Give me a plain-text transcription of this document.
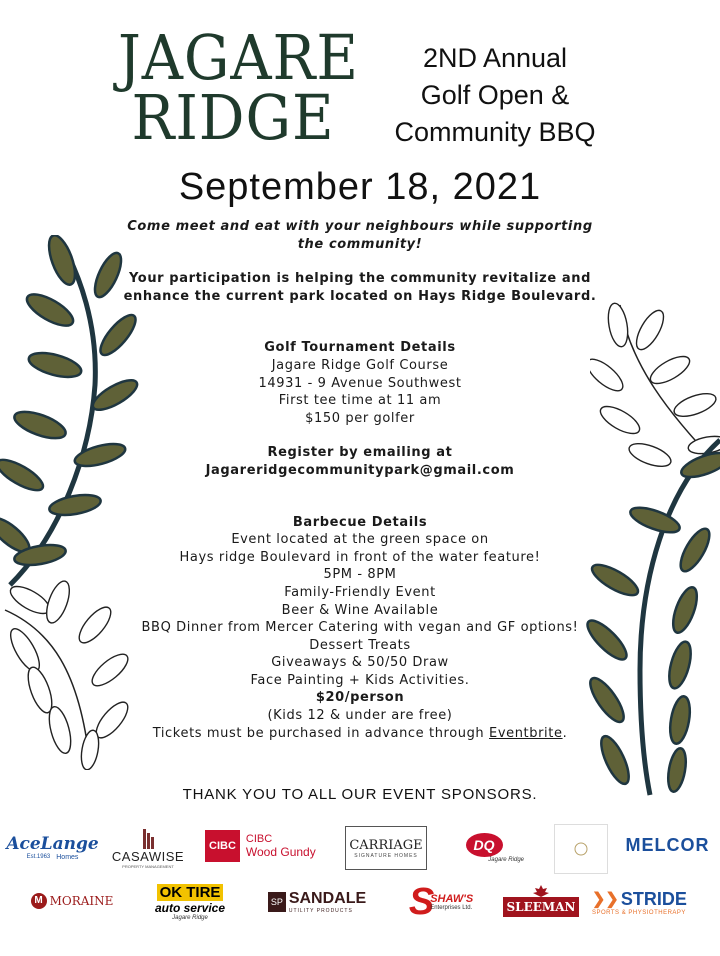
JAGARE
RIDGE
2ND Annual
Golf Open &
Community BBQ
September 18, 2021

Come meet and eat with your neighbours while supporting the community!

Your participation is helping the community revitalize and enhance the current park located on Hays Ridge Boulevard.

Golf Tournament Details

Jagare Ridge Golf Course

14931 - 9 Avenue Southwest

First tee time at 11 am

$150 per golfer

Register by emailing at

Jagareridgecommunitypark@gmail.com

Barbecue Details

Event located at the green space on

Hays ridge Boulevard in front of the water feature!

5PM - 8PM

Family-Friendly Event

Beer & Wine Available

BBQ Dinner from Mercer Catering with vegan and GF options!

Dessert Treats

Giveaways & 50/50 Draw

Face Painting + Kids Activities.

$20/person

(Kids 12 & under are free)

Tickets must be purchased in advance through Eventbrite.

THANK YOU TO ALL OUR EVENT SPONSORS.
AceLange
Est.1963 Homes	CASAWISE
PROPERTY MANAGEMENT
CIBC
CIBC
Wood Gundy	CARRIAGE
SIGNATURE HOMES
DQ
Jagare Ridge
MELCOR
M MORAINE
OK TIRE
auto service
Jagare Ridge
SP SANDALE
UTILITY PRODUCTS S
SHAW'S
Enterprises Ltd.	SLEEMAN ❯❯ STRIDE
SPORTS & PHYSIOTHERAPY
